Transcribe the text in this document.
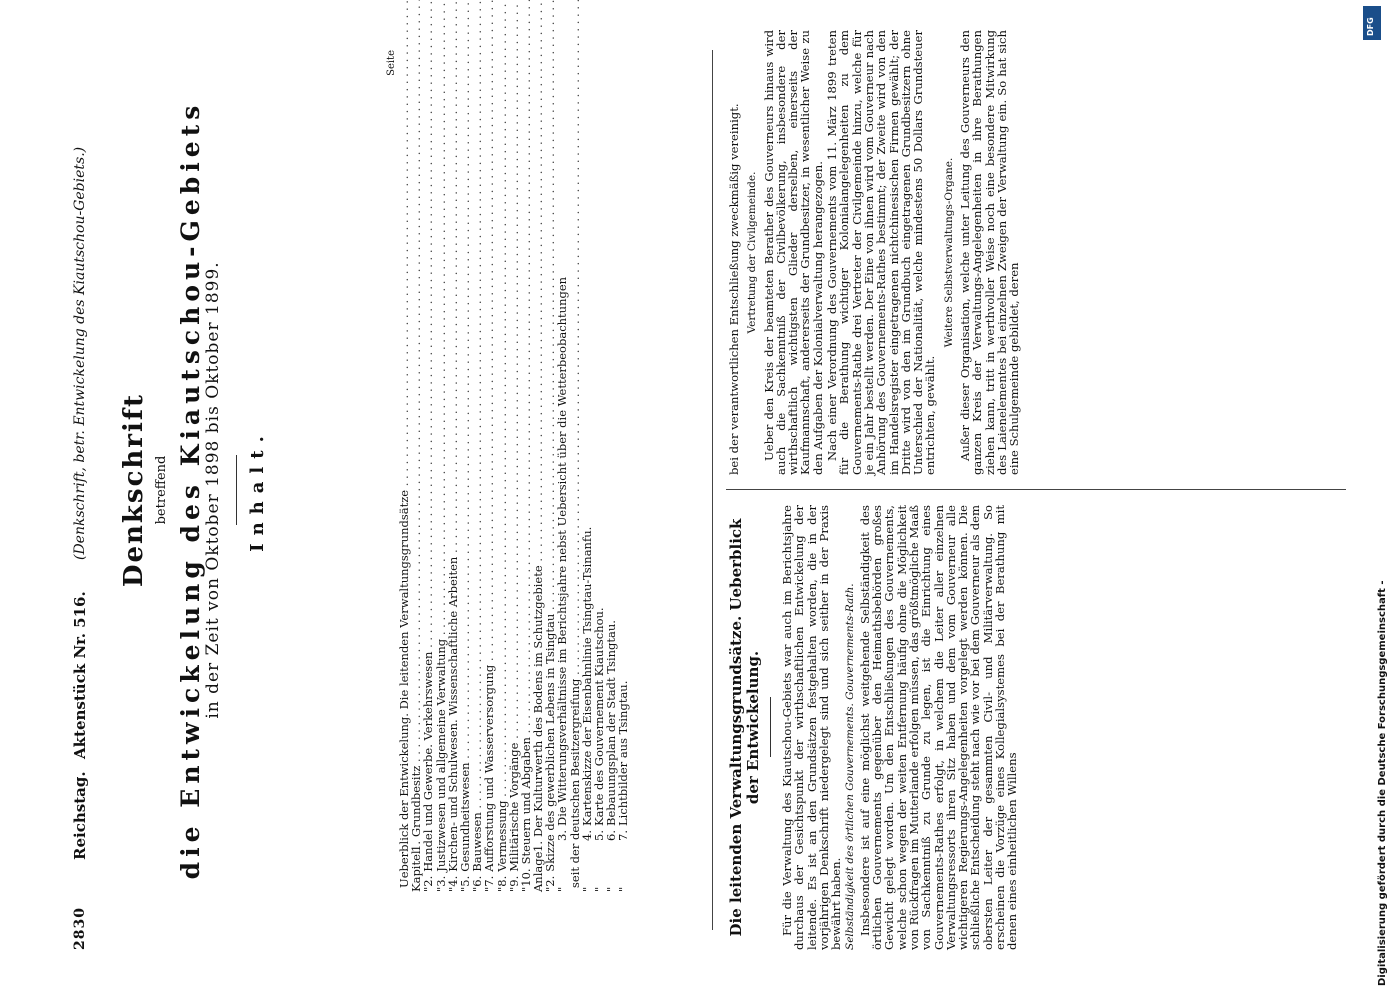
2830
Reichstag. Aktenstück Nr. 516.
(Denkschrift, betr. Entwickelung des Kiautschou-Gebiets.) Denkschrift betreffend die Entwickelung des Kiautschou-Gebiets
in der Zeit von Oktober 1898 bis Oktober 1899. Inhalt.
Seite
Ueberblick der Entwickelung. Die leitenden Verwaltungsgrundsätze . . .
Kapitel
1.
Grundbesitz . . .
"
2.
Handel und Gewerbe. Verkehrswesen . . .
"
3.
Justizwesen und allgemeine Verwaltung . . .
"
4.
Kirchen- und Schulwesen. Wissenschaftliche Arbeiten . . .
"
5.
Gesundheitswesen . . .
"
6.
Bauwesen . . .
"
7.
Aufforstung und Wasserversorgung . . .
"
8.
Vermessung . . .
"
9.
Militärische Vorgänge . . .
"
10.
Steuern und Abgaben . . .
Anlage
1.
Der Kulturwerth des Bodens im Schutzgebiete . . .
"
2.
Skizze des gewerblichen Lebens in Tsingtau . . .
"
3.
Die Witterungsverhältnisse im Berichtsjahre nebst Uebersicht über die Wetterbeobachtungen
seit der deutschen Besitzergreifung . . .
"
4.
Kartenskizze der Eisenbahnlinie Tsingtau-Tsinanfu.
"
5.
Karte des Gouvernement Kiautschou.
"
6.
Bebauungsplan der Stadt Tsingtau.
"
7.
Lichtbilder aus Tsingtau.	Die leitenden Verwaltungsgrundsätze. Ueberblick der Entwickelung. Für die Verwaltung des Kiautschou-Gebiets war auch im Berichtsjahre durchaus der Gesichtspunkt der wirthschaftlichen Entwickelung der leitende. Es ist an den Grundsätzen festgehalten worden, die in der vorjährigen Denkschrift niedergelegt sind und sich seither in der Praxis bewährt haben. Selbständigkeit des örtlichen Gouvernements. Gouvernements-Rath. Insbesondere ist auf eine möglichst weitgehende Selbständigkeit des örtlichen Gouvernements gegenüber den Heimathsbehörden großes Gewicht gelegt worden. Um den Entschließungen des Gouvernements, welche schon wegen der weiten Entfernung häufig ohne die Möglichkeit von Rückfragen im Mutterlande erfolgen müssen, das größtmögliche Maaß von Sachkenntniß zu Grunde zu legen, ist die Einrichtung eines Gouvernements-Rathes erfolgt, in welchem die Leiter aller einzelnen Verwaltungsressorts ihren Sitz haben und dem vom Gouverneur alle wichtigeren Regierungs-Angelegenheiten vorgelegt werden können. Die schließliche Entscheidung steht nach wie vor bei dem Gouverneur als dem obersten Leiter der gesammten Civil- und Militärverwaltung. So erscheinen die Vorzüge eines Kollegialsystemes bei der Berathung mit denen eines einheitlichen Willens

bei der verantwortlichen Entschließung zweckmäßig vereinigt. Vertretung der Civilgemeinde. Ueber den Kreis der beamteten Berather des Gouverneurs hinaus wird auch die Sachkenntniß der Civilbevölkerung, insbesondere der wirthschaftlich wichtigsten Glieder derselben, einerseits der Kaufmannschaft, andererseits der Grundbesitzer, in wesentlicher Weise zu den Aufgaben der Kolonialverwaltung herangezogen. Nach einer Verordnung des Gouvernements vom 11. März 1899 treten für die Berathung wichtiger Kolonialangelegenheiten zu dem Gouvernements-Rathe drei Vertreter der Civilgemeinde hinzu, welche für je ein Jahr bestellt werden. Der Eine von ihnen wird vom Gouverneur nach Anhörung des Gouvernements-Rathes bestimmt; der Zweite wird von den im Handelsregister eingetragenen nichtchinesischen Firmen gewählt; der Dritte wird von den im Grundbuch eingetragenen Grundbesitzern ohne Unterschied der Nationalität, welche mindestens 50 Dollars Grundsteuer entrichten, gewählt.

Weitere Selbstverwaltungs-Organe. Außer dieser Organisation, welche unter Leitung des Gouverneurs den ganzen Kreis der Verwaltungs-Angelegenheiten in ihre Berathungen ziehen kann, tritt in werthvoller Weise noch eine besondere Mitwirkung des Laienelementes bei einzelnen Zweigen der Verwaltung ein. So hat sich eine Schulgemeinde gebildet, deren

Digitalisierung gefördert durch die Deutsche Forschungsgemeinschaft -
DFG
